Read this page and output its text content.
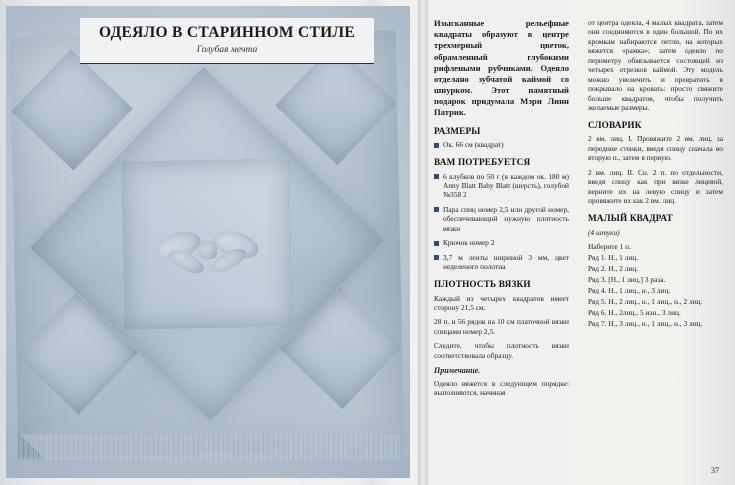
ОДЕЯЛО В СТАРИННОМ СТИЛЕ
Голубая мечта

Изысканные рельефные квадраты образуют в центре трехмерный цветок, обрамленный глубокими рифлеными рубчиками. Одеяло отделано зубчатой каймой со шнурком. Этот памятный подарок придумала Мэри Линн Патрик.

РАЗМЕРЫ

Ок. 66 см (квадрат)

ВАМ ПОТРЕБУЕТСЯ

6 клубков по 50 г (в каждом ок. 180 м) Anny Blatt Baby Blatt (шерсть), голубой №358 2

Пара спиц номер 2,5 или другой номер, обеспечивающий нужную плотность вязки

Крючок номер 2

3,7 м ленты шириной 3 мм, цвет неделеного полотна

ПЛОТНОСТЬ ВЯЗКИ

Каждый из четырех квадратов имеет сторону 21,5 см.

28 п. и 56 рядов на 10 см платочной вязки спицами номер 2,5.

Следите, чтобы плотность вязки соответствовала образцу.

Примечание.

Одеяло вяжется в следующем порядке: выполняются, начиная

от центра одеяла, 4 малых квадрата, затем они соединяются в один большой. По их кромкам набираются петли, на которых вяжется «рамка»; затем одеяло по периметру обвязывается состоящей из четырех отрезков каймой. Эту модель можно увеличить и превратить в покрывало на кровать: просто свяжите больше квадратов, чтобы получить желаемые размеры.

СЛОВАРИК

2 вм. лиц. I. Провяжите 2 вм. лиц. за передние стенки, введя спицу сначала во вторую п., затем в первую.

2 вм. лиц. II. Сн. 2 п. по отдельности, введя спицу как при вязке лицевой, верните их на левую спицу и затем провяжите их как 2 вм. лиц.

МАЛЫЙ КВАДРАТ

(4 штуки)

Наберите 1 п.

Ряд 1. Н., 1 лиц.

Ряд 2. Н., 2 лиц.

Ряд 3. [Н., 1 лиц.] 3 раза.

Ряд 4. Н., 1 лиц., н., 3 лиц.

Ряд 5. Н., 2 лиц., н., 1 лиц., н., 2 лиц.

Ряд 6. Н., 2лиц., 5 изн., 3 лиц.

Ряд 7. Н., 3 лиц., н., 1 лиц., н., 3 лиц.

37
